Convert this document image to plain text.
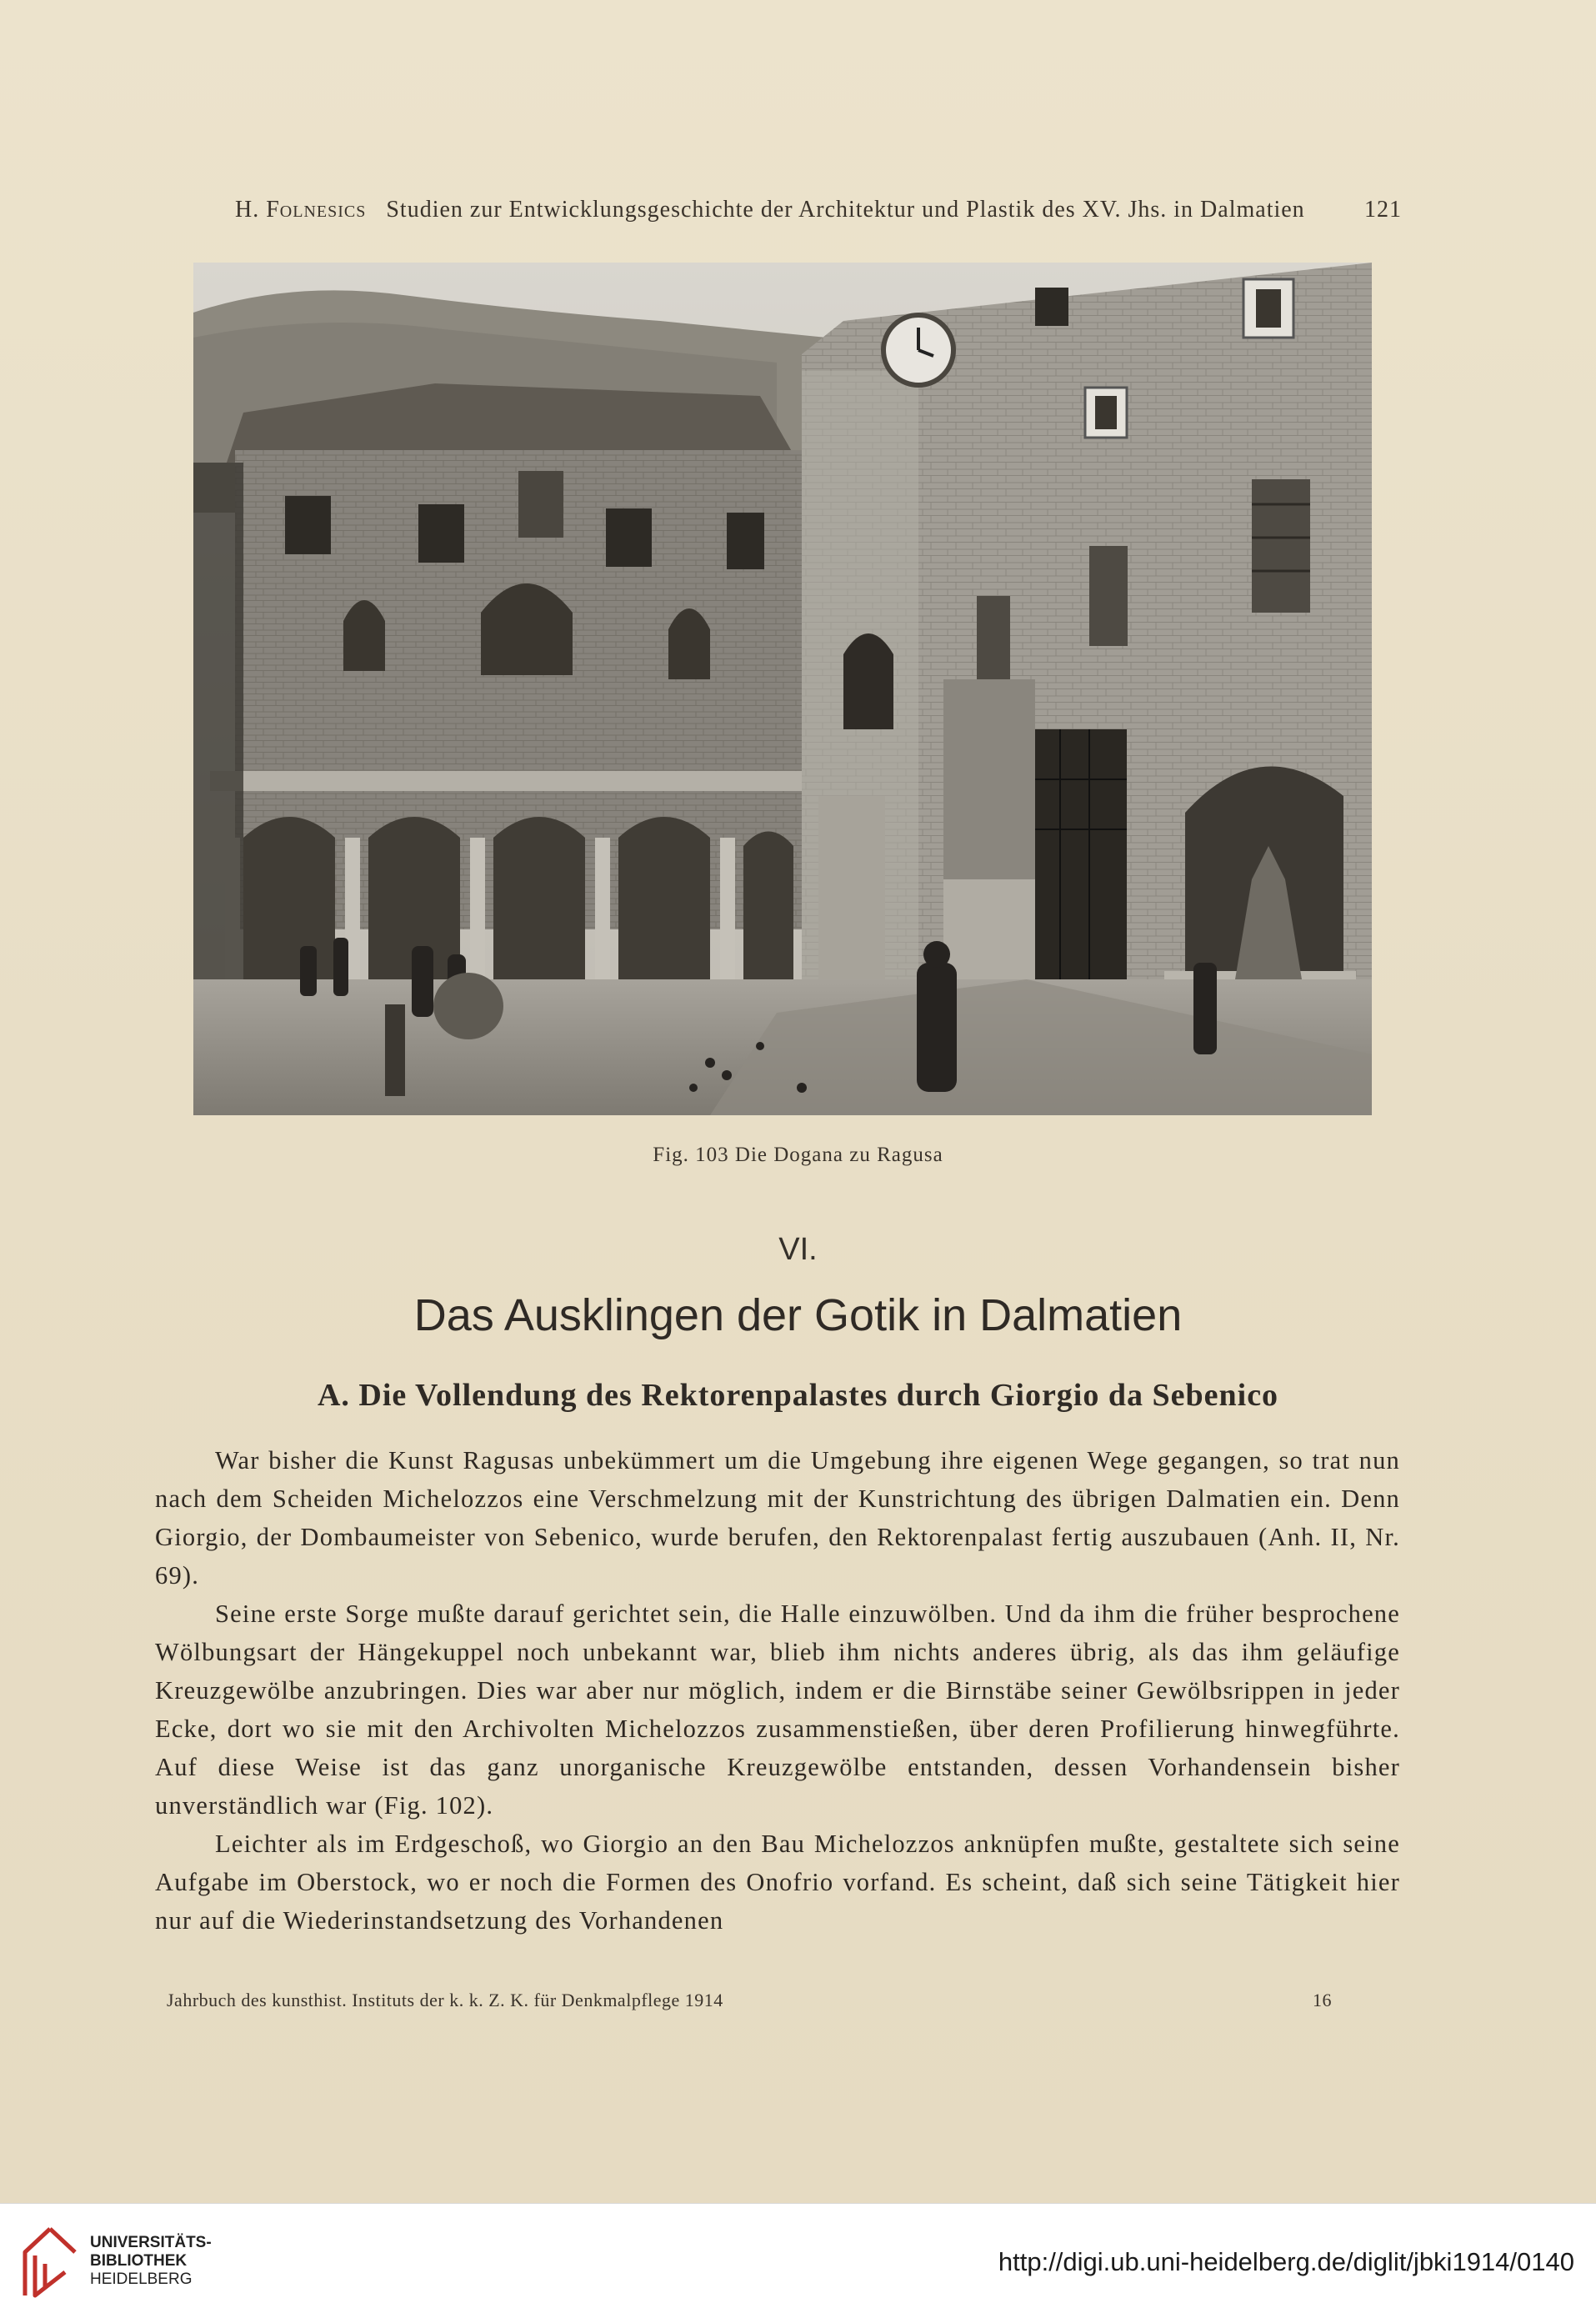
H. Folnesics Studien zur Entwicklungsgeschichte der Architektur und Plastik des XV. Jhs. in Dalmatien	121
Fig. 103 Die Dogana zu Ragusa
VI.
Das Ausklingen der Gotik in Dalmatien
A. Die Vollendung des Rektorenpalastes durch Giorgio da Sebenico

War bisher die Kunst Ragusas unbekümmert um die Umgebung ihre eigenen Wege gegangen, so trat nun nach dem Scheiden Michelozzos eine Verschmelzung mit der Kunstrichtung des übrigen Dalmatien ein. Denn Giorgio, der Dombaumeister von Sebenico, wurde berufen, den Rektorenpalast fertig auszubauen (Anh. II, Nr. 69).

Seine erste Sorge mußte darauf gerichtet sein, die Halle einzuwölben. Und da ihm die früher besprochene Wölbungsart der Hängekuppel noch unbekannt war, blieb ihm nichts anderes übrig, als das ihm geläufige Kreuzgewölbe anzubringen. Dies war aber nur möglich, indem er die Birnstäbe seiner Gewölbsrippen in jeder Ecke, dort wo sie mit den Archivolten Michelozzos zusammenstießen, über deren Profilierung hinwegführte. Auf diese Weise ist das ganz unorganische Kreuzgewölbe entstanden, dessen Vorhandensein bisher unverständlich war (Fig. 102).

Leichter als im Erdgeschoß, wo Giorgio an den Bau Michelozzos anknüpfen mußte, gestaltete sich seine Aufgabe im Oberstock, wo er noch die Formen des Onofrio vorfand. Es scheint, daß sich seine Tätigkeit hier nur auf die Wiederinstandsetzung des Vorhandenen

Jahrbuch des kunsthist. Instituts der k. k. Z. K. für Denkmalpflege 1914	16
UNIVERSITÄTS-
BIBLIOTHEK
HEIDELBERG
http://digi.ub.uni-heidelberg.de/diglit/jbki1914/0140
